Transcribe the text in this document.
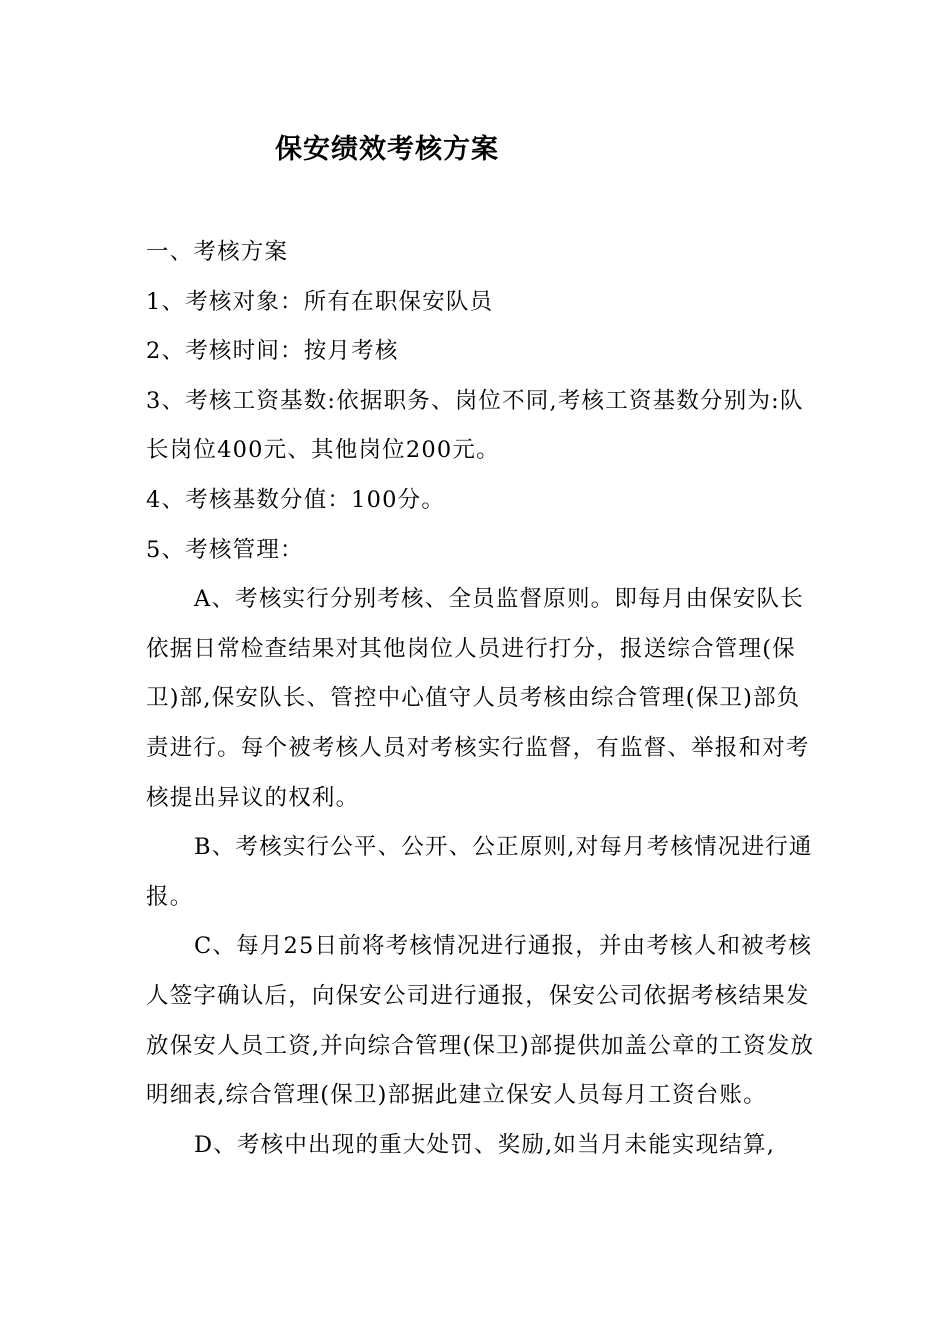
保安绩效考核方案

一、考核方案

1、考核对象：所有在职保安队员

2、考核时间：按月考核

3、考核工资基数:依据职务、岗位不同,考核工资基数分别为:队长岗位400元、其他岗位200元。

4、考核基数分值：100分。

5、考核管理：

A、考核实行分别考核、全员监督原则。即每月由保安队长依据日常检查结果对其他岗位人员进行打分，报送综合管理(保卫)部,保安队长、管控中心值守人员考核由综合管理(保卫)部负责进行。每个被考核人员对考核实行监督，有监督、举报和对考核提出异议的权利。

B、考核实行公平、公开、公正原则,对每月考核情况进行通报。

C、每月25日前将考核情况进行通报，并由考核人和被考核人签字确认后，向保安公司进行通报，保安公司依据考核结果发放保安人员工资,并向综合管理(保卫)部提供加盖公章的工资发放明细表,综合管理(保卫)部据此建立保安人员每月工资台账。

D、考核中出现的重大处罚、奖励,如当月未能实现结算,
